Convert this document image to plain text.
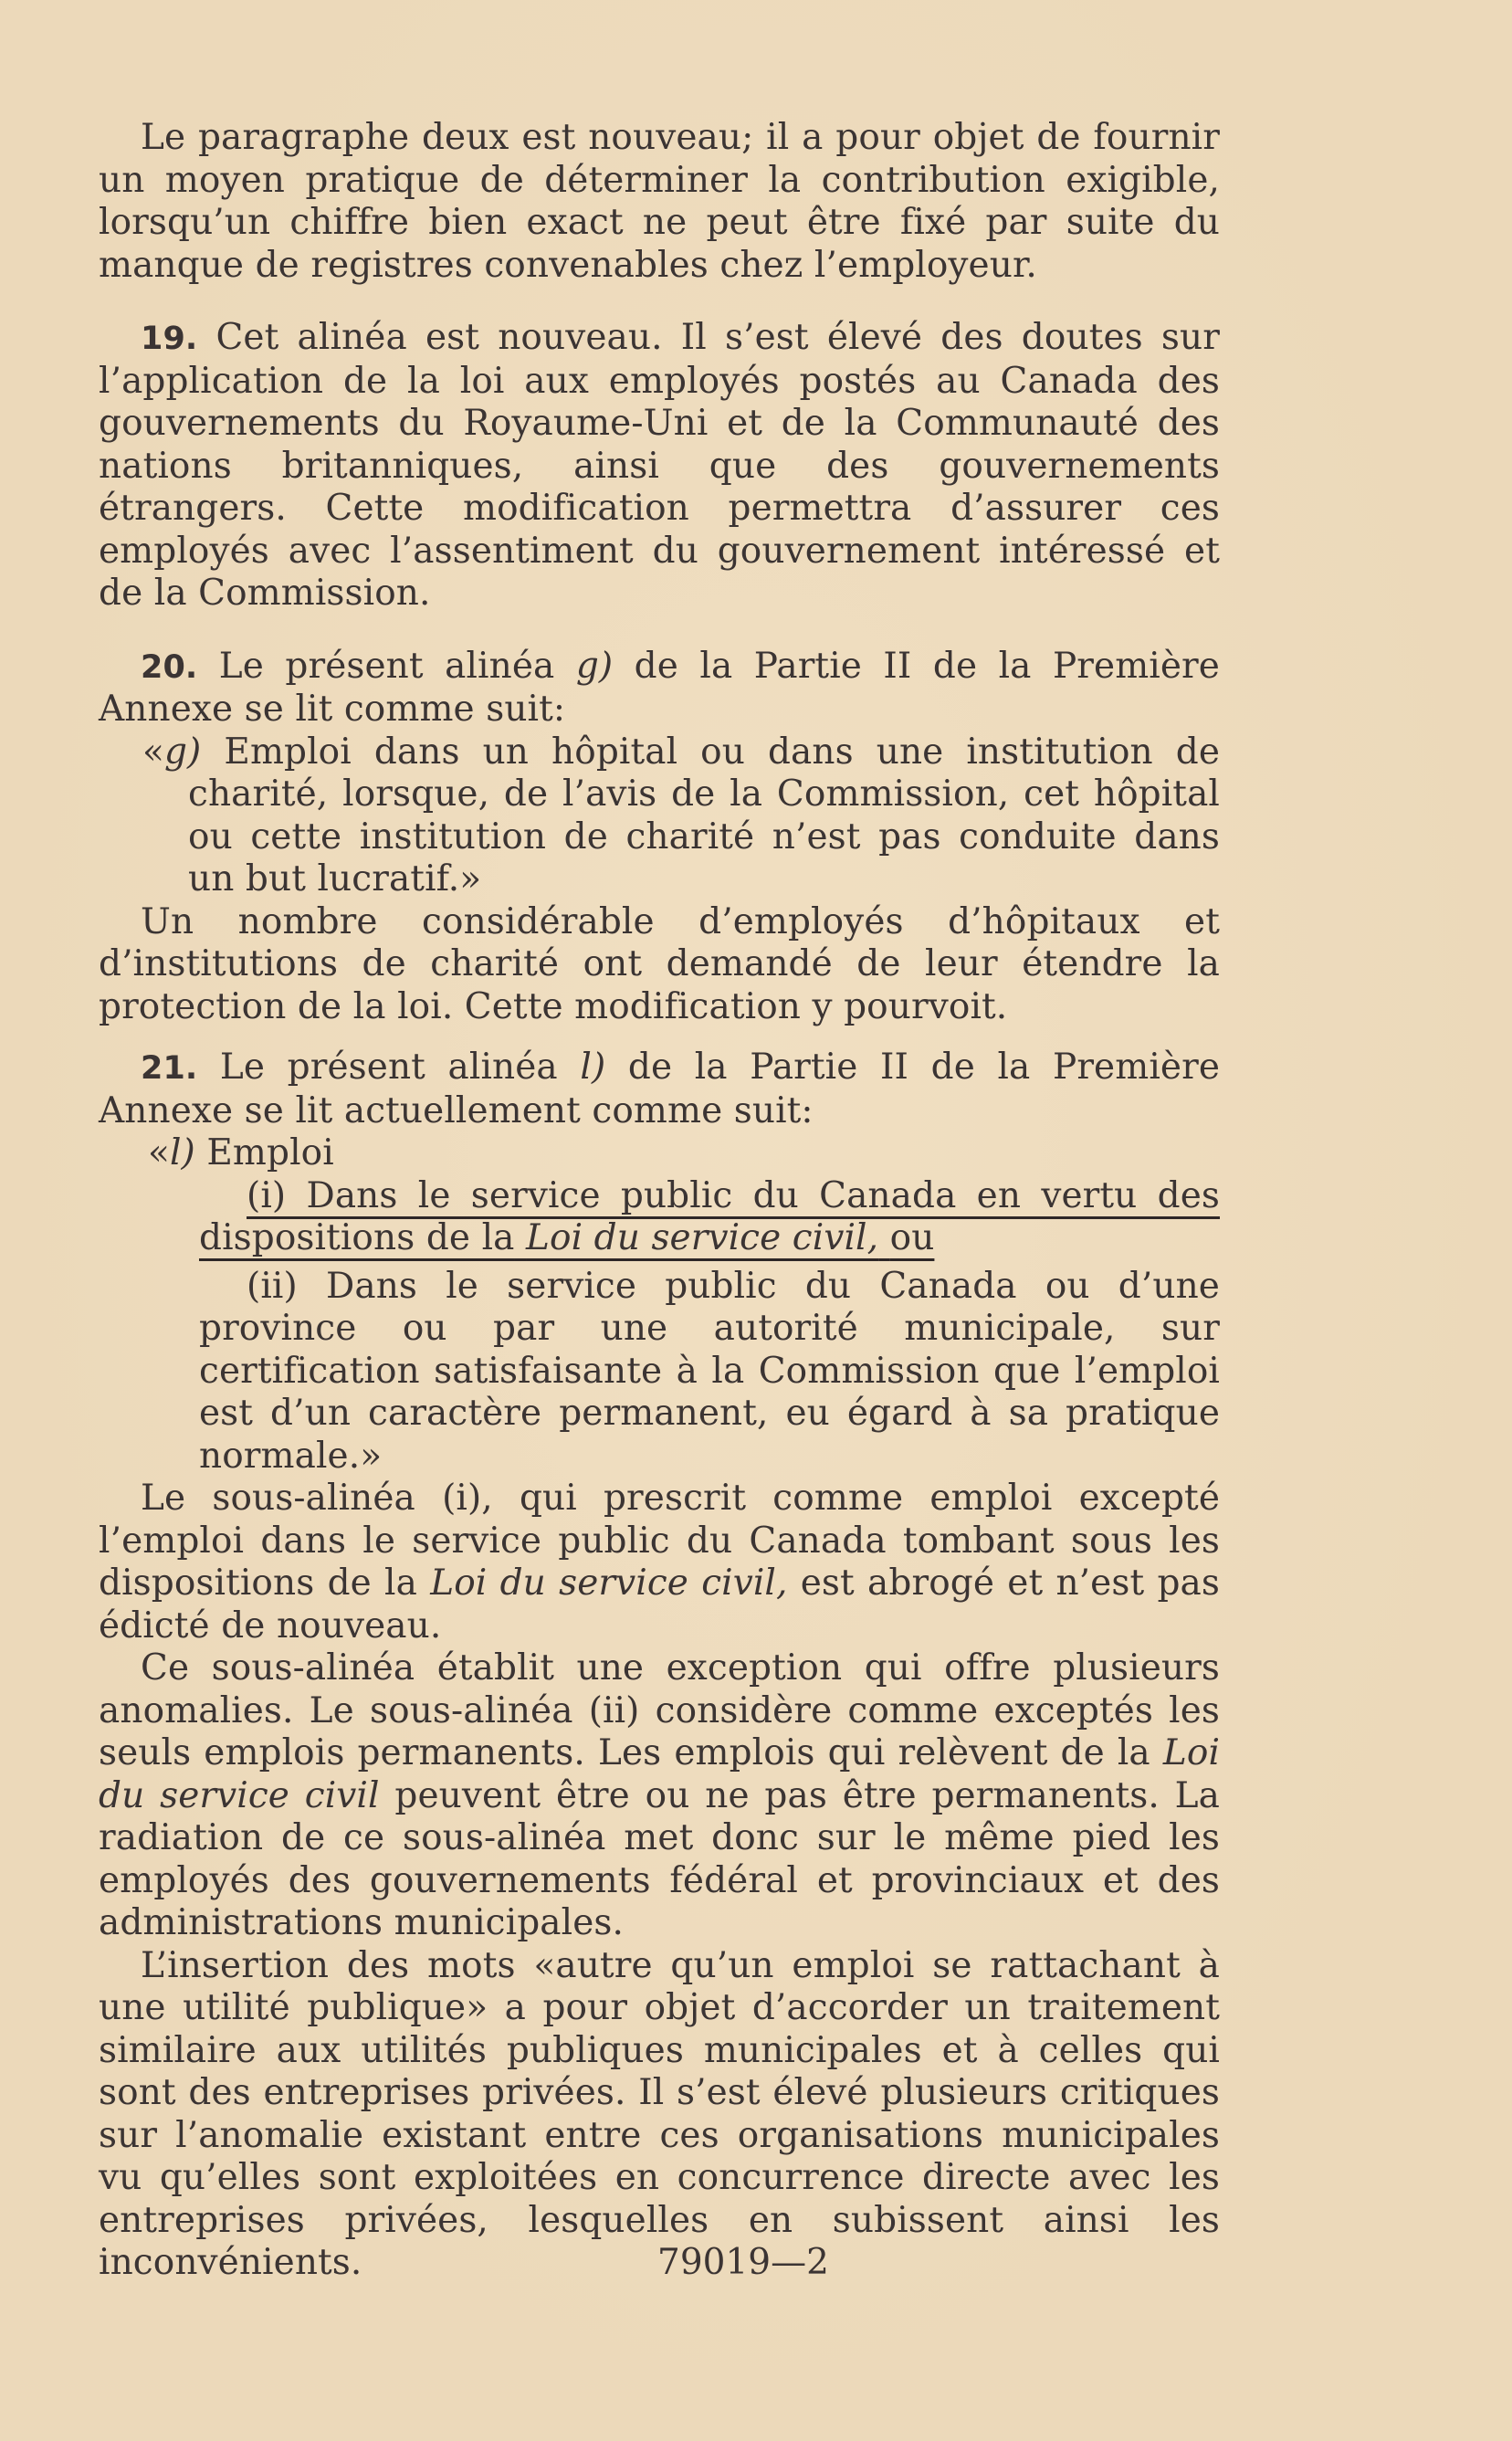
Le paragraphe deux est nouveau; il a pour objet de fournir un moyen pratique de déterminer la contribution exigible, lorsqu’un chiffre bien exact ne peut être fixé par suite du manque de registres convenables chez l’employeur.

19. Cet alinéa est nouveau. Il s’est élevé des doutes sur l’application de la loi aux employés postés au Canada des gouvernements du Royaume-Uni et de la Communauté des nations britanniques, ainsi que des gouvernements étrangers. Cette modification permettra d’assurer ces employés avec l’assentiment du gouvernement intéressé et de la Commission.

20. Le présent alinéa g) de la Partie II de la Première Annexe se lit comme suit:

«g) Emploi dans un hôpital ou dans une institution de charité, lorsque, de l’avis de la Commission, cet hôpital ou cette institution de charité n’est pas conduite dans un but lucratif.»

Un nombre considérable d’employés d’hôpitaux et d’institutions de charité ont demandé de leur étendre la protection de la loi. Cette modification y pourvoit.

21. Le présent alinéa l) de la Partie II de la Première Annexe se lit actuellement comme suit:

«l) Emploi

(i) Dans le service public du Canada en vertu des dispositions de la Loi du service civil, ou

(ii) Dans le service public du Canada ou d’une province ou par une autorité municipale, sur certification satisfaisante à la Commission que l’emploi est d’un caractère permanent, eu égard à sa pratique normale.»

Le sous-alinéa (i), qui prescrit comme emploi excepté l’emploi dans le service public du Canada tombant sous les dispositions de la Loi du service civil, est abrogé et n’est pas édicté de nouveau.

Ce sous-alinéa établit une exception qui offre plusieurs anomalies. Le sous-alinéa (ii) considère comme exceptés les seuls emplois permanents. Les emplois qui relèvent de la Loi du service civil peuvent être ou ne pas être permanents. La radiation de ce sous-alinéa met donc sur le même pied les employés des gouvernements fédéral et provinciaux et des administrations municipales.

L’insertion des mots «autre qu’un emploi se rattachant à une utilité publique» a pour objet d’accorder un traitement similaire aux utilités publiques municipales et à celles qui sont des entreprises privées. Il s’est élevé plusieurs critiques sur l’anomalie existant entre ces organisations municipales vu qu’elles sont exploitées en concurrence directe avec les entreprises privées, lesquelles en subissent ainsi les inconvénients.	79019—2
